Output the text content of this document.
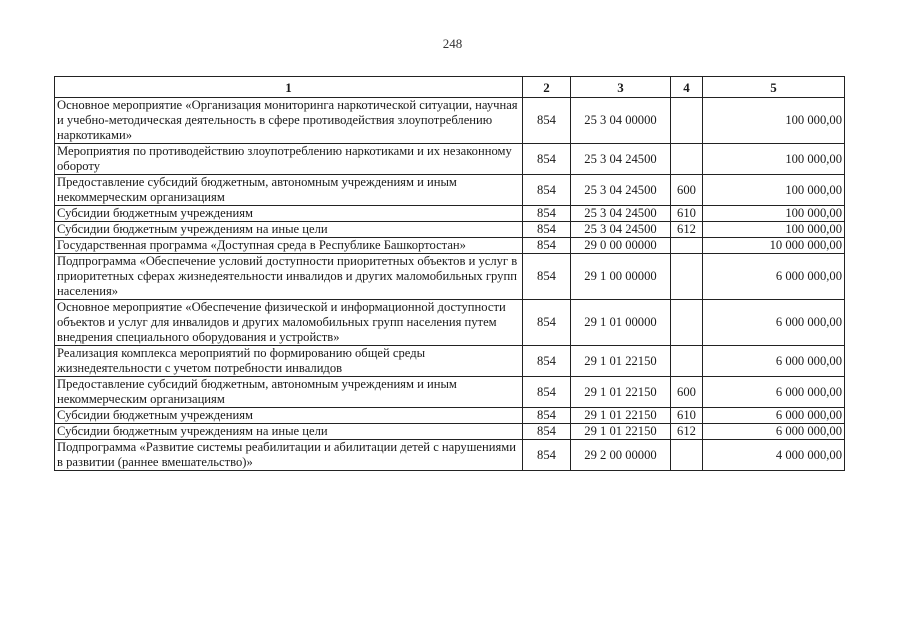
248
1	2	3	4	5
Основное мероприятие «Организация мониторинга наркотической ситуации, научная и учебно-методическая деятельность в сфере противодействия злоупотреблению наркотиками»	854	25 3 04 00000		100 000,00
Мероприятия по противодействию злоупотреблению наркотиками и их незаконному обороту	854	25 3 04 24500		100 000,00
Предоставление субсидий бюджетным, автономным учреждениям и иным некоммерческим организациям	854	25 3 04 24500	600	100 000,00
Субсидии бюджетным учреждениям	854	25 3 04 24500	610	100 000,00
Субсидии бюджетным учреждениям на иные цели	854	25 3 04 24500	612	100 000,00
Государственная программа «Доступная среда в Республике Башкортостан»	854	29 0 00 00000		10 000 000,00
Подпрограмма «Обеспечение условий доступности приоритетных объектов и услуг в приоритетных сферах жизнедеятельности инвалидов и других маломобильных групп населения»	854	29 1 00 00000		6 000 000,00
Основное мероприятие «Обеспечение физической и информационной доступности объектов и услуг для инвалидов и других маломобильных групп населения путем внедрения специального оборудования и устройств»	854	29 1 01 00000		6 000 000,00
Реализация комплекса мероприятий по формированию общей среды жизнедеятельности с учетом потребности инвалидов	854	29 1 01 22150		6 000 000,00
Предоставление субсидий бюджетным, автономным учреждениям и иным некоммерческим организациям	854	29 1 01 22150	600	6 000 000,00
Субсидии бюджетным учреждениям	854	29 1 01 22150	610	6 000 000,00
Субсидии бюджетным учреждениям на иные цели	854	29 1 01 22150	612	6 000 000,00
Подпрограмма «Развитие системы реабилитации и абилитации детей с нарушениями в развитии (раннее вмешательство)»	854	29 2 00 00000		4 000 000,00
